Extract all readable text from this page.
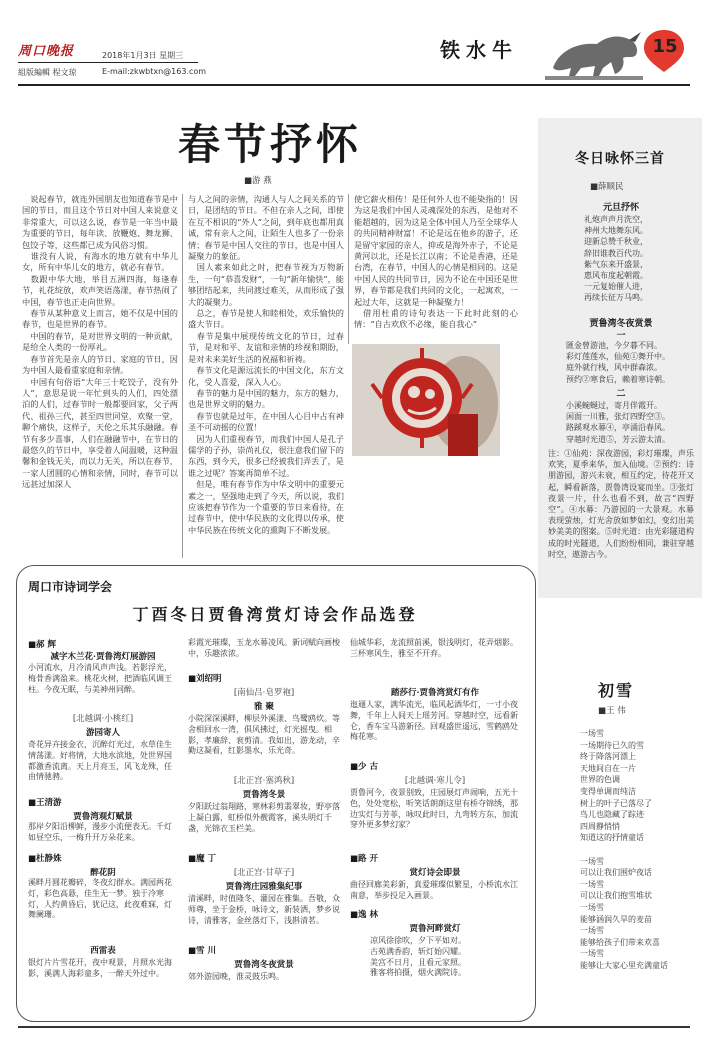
周口晚报	2018年1月3日 星期三
組版編輯 程文琼	E-mail:zkwbtxn@163.com
铁水牛	15
春节抒怀
■游 燕
　说起春节，就连外国朋友也知道春节是中国的节日，而且这个节日对中国人来说意义非常重大，可以这么说，春节是一年当中最为重要的节日，每年读、放鞭炮、舞龙狮、包饺子等，这些都已成为风俗习惯。
　谁没有人说，有海水的地方就有中华儿女，所有中华儿女的地方，就必有春节。
　数跟中华大地，举目五洲四海，每逢春节，礼花绽放，欢声笑语荡漾，春节热闹了中国，春节也正走向世界。
　春节从某种意义上而言，她不仅是中国的春节，也是世界的春节。
　中国的春节，是对世界文明的一种贡献，是给全人类的一份厚礼。
　春节首先是亲人的节日、家庭的节日，因为中国人最看重家庭和亲情。
　中国有句俗语“大年三十吃饺子，没有外人”，意思是说一年忙到头的人们，四处漂泊的人们，过春节时一般都要回家，父子两代、祖孙三代，甚至四世同堂，欢聚一堂，聊个痛快，这样子，天伦之乐其乐融融。春节有多少喜事，人们在融融节中，在节日的最悠久的节日中，享受着人间温暖，这种温馨和金钱无关，而以力无关，所以在春节，一家人团圆的心情和亲情，同时，春节可以远甚过加深人
与人之间的亲情，沟通人与人之间关系的节日，是团结的节日。不但在亲人之间，即使在互不相识的“外人”之间，到年底也都用真诚，常有亲人之间，让陌生人也多了一份亲情；春节是中国人交往的节日，也是中国人凝聚力的象征。
　国人素来如此之时，把春节视为万物新生，一句“恭喜发财”，一句“新年愉快”，能够团结起来，共同渡过难关，从而形成了强大的凝聚力。
　总之，春节是使人和睦相处，欢乐愉快的盛大节日。
　春节是集中展现传统文化的节日，过春节，是对和平、友谊和亲情的珍视和期盼，是对未来美好生活的祝福和祈祷。
　春节文化是源远流长的中国文化，东方文化，受人喜爱，深入人心。
　春节的魅力是中国的魅力，东方的魅力，也是世界文明的魅力。
　春节也就是过年，在中国人心目中占有神圣不可动摇的位置！
　因为人们重视春节，而我们中国人是孔子儒学的子孙，崇尚礼仪，很注意我们留下的东西，到今天，很多已经被我们弄丢了，是谁之过呢？答案再简单不过。
　但是，唯有春节作为中华文明中的重要元素之一，坚强地走到了今天，所以说，我们应该把春节作为一个重要的节日来看待，在过春节中，使中华民族的文化得以传承，使中华民族在传统文化的熏陶下不断发展。
使它薪火相传！是任何外人也不能染指的！因为这是我们中国人灵魂深处的东西，是他对不能超越的，因为这是全体中国人乃至全球华人的共同精神财富！不论是远在他乡的游子，还是留守家园的亲人，抑或是海外赤子，不论是黄河以北，还是长江以南；不论是香港，还是台湾，在春节，中国人的心情是相同的。这是中国人民的共同节日，因为不论在中国还是世界，春节都是我们共同的文化，一起寓欢，一起过大年，这就是一种凝聚力！
　借用杜甫的诗句表达一下此时此刻的心情：“自古欢欣不必缘，能自我心”
冬日咏怀三首
■薛顺民
元旦抒怀
礼炮声声月洗空，
神州大地舞东风。
迎新总赞千秋业，
辞旧谁教百代功。
紫气东来开盛景，
惠风布度起朝霞。
一元复始催人进，
再续长征万马鸣。
贾鲁湾冬夜赏景
一
匯金曾游池，今夕暮不同。
彩灯莲莲水，仙苑①舞开中。
庭外就行栈，风中群森浓。
预约②寒食后，赖着寒诗朝。
二
小溪蜿蜒过，寄月伴霞开。
闲面一川雅，张灯四野空③。
路蹊观水幕④，亭涌沿春风。
穿越时光道⑤，芳云游太清。
注：①仙苑：深夜游园，彩灯璀璨，声乐欢笑，夏季来华，加入仙境。②预约：诗朋游园，游兴未衰，相互约定，待花开又起，瞬看新落，贾鲁湾设宴而坐。③张灯夜景一片，什么也看不到，故言“四野空”。④水幕：乃游园的一大景观。水幕表现萤烛，灯光舍放如梦如幻，变幻出美妙美美的图案。⑤时光道：由光彩隧道构成的时光隧道，人们纷纷相同，兼驻穿越时空，遨游古今。
初雪
■王 伟
一场雪
一场期待已久的雪
终于降落河漂上
天地间自在一片
世界的色调
变得单调而纯洁
树上的叶子已落尽了
鸟儿也隐藏了踪迹
四周静悄悄
知道这的抒情童话

一场雪
可以让我们围炉夜话
一场雪
可以让我们抱雪堆状
一场雪
能够涵润久旱的麦苗
一场雪
能够给孩子们带来欢喜
一场雪
能够让大家心里充满童话
周口市诗词学会
丁酉冬日贾鲁湾赏灯诗会作品选登
■郝 辉
减字木兰花·贾鲁湾灯展游园
小河流水，月冷清风声声浅。若影浮光，梅骨香满盈来。桃花火树，把酒临风调王柱。今夜无眠，与美神州同醉。
[北越调·小桃红]
游园寄人
奇花异卉接金衣，沉醉灯光过，水草佳生情荡漾。好将情，大地水滨地，处世界国都激香流离。天上月亮玉，风飞龙殊，任由情驰骋。
■王清游
贾鲁湾观灯赋景
那岸夕阳沿柳鲜，漫步小流便表无。千灯如昼空乐，一梅升开万朵花来。
■杜静姝
醉花阴
溪畔月圆花瓣碎，冬夜幻群水。满园两花灯，彩色高悬，佳生无一梦。独于冷寒灯，人约黄昏后，犹记这，此夜难寐，灯舞阑珊。
西雷表
银灯片片雪花开，夜中观景，月照水光海影，溪满人海彩童多，一醉天外过中。
彩霞光璀璨，玉龙水幕凌风。新词赋向画梭中，乐趣浓浓。
■刘绍明
[南仙吕·皂罗袍]
雅 聚
小院深深溪畔，柳层外溪漾、鸟鹭鸥炊。等舍相回水一湾，俱风拂过，灯光摇曳。相影，孝廉辞、衮剪清。我如出，游龙动，辛勤这凝看，红影墨水，乐光奇。
[北正宫·塞鸿秋]
贾鲁湾冬景
夕阳跃过翁翔路，寒林彩剪翡翠妆，野亭落上凝白露，虹桥似外靓霞客，溪头明灯千盏，光锦衣玉栏美。
■魔 丁
[北正宫·甘草子]
贾鲁湾庄园雅集纪事
清溪畔，时值隆冬，灌园在雅集。吾敬，众师尊，坐于金桥，咏诗文，新装洒，梦乡说诗，清雅客，金丝落灯下，浅斟清茗。
■雪 川
贾鲁湾冬夜赏景
郊外游园晚，淮灵鼓乐鸣。
仙城华彩，龙流照前溪，银浅明灯，花弄烟影。
三杯寒风生，雅至不开弃。
踏莎行·贾鲁湾赏灯有作
迤逦人家，满华流光，临风起酒华灯，一寸小夜舞，千年上人间天上瑶芳河。穿越时空，远看新仑，香车宝马游新径。回观盛世遥远，雪鹤鸥处梅花寒。
■少 古
[北越调·寒儿令]
贾鲁河今，夜景别致，庄园展灯声闹响，五光十色，处处宽松，听笑话朗朗这里有桥夺锦绣，那边实灯与芳菲，咏叹此时日，九弯转方东，加流穿外更多梦幻家？
■路 开
赏灯诗会即景
曲径回廊美彩新，真爱璀璨似繁星，小桥流水江南意，举步投足入画景。
■逸 林
贾鲁河畔赏灯
凉风徐徐吹，夕下平如对。
古苑满香韵，斩灯始闪耀。
美宫不日月，且看元家照。
雅客将拍摄，烟火满院诗。
